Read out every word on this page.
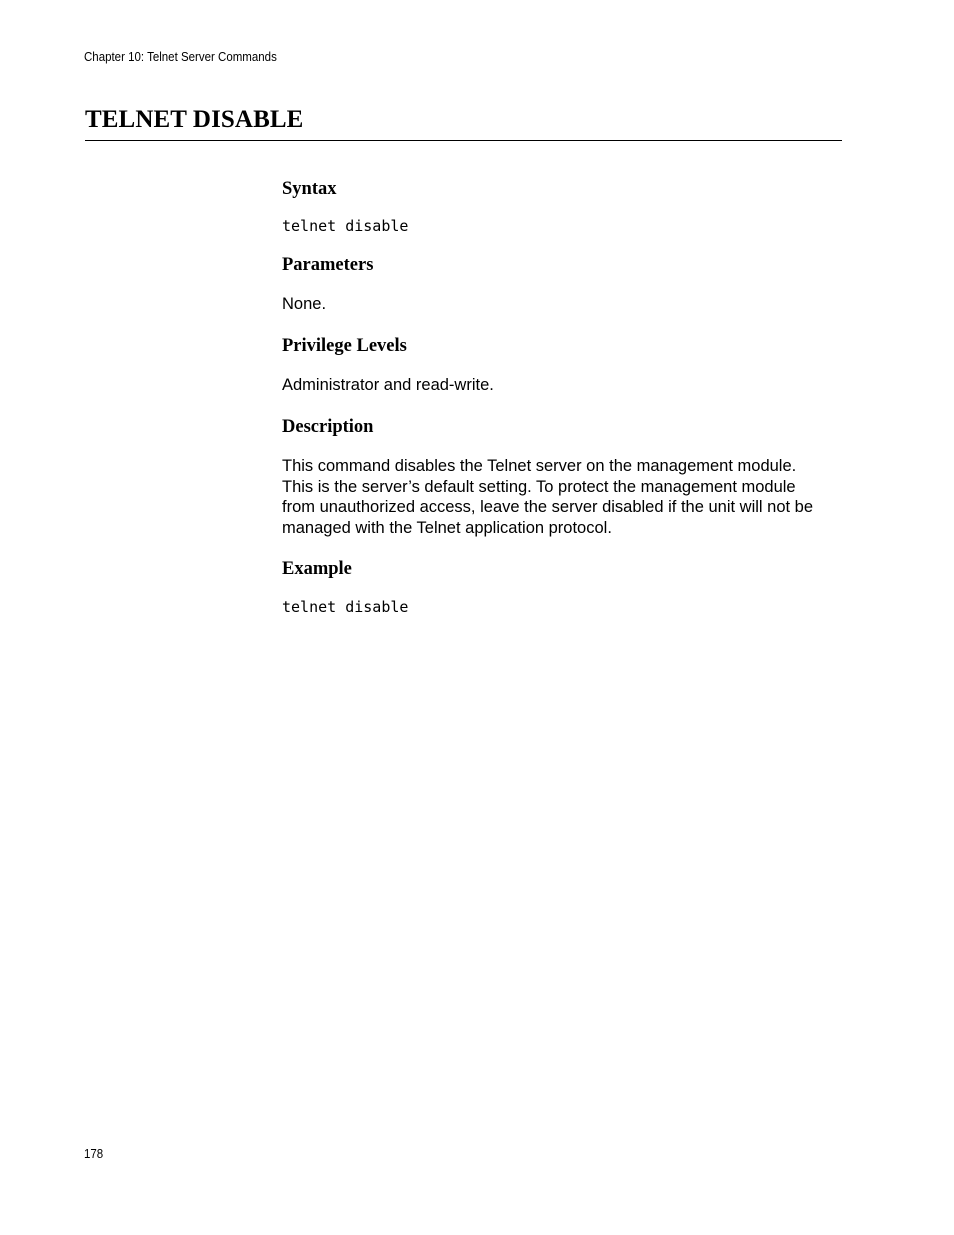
Chapter 10: Telnet Server Commands
TELNET DISABLE
Syntax
telnet disable
Parameters

None.

Privilege Levels

Administrator and read-write.

Description

This command disables the Telnet server on the management module.
This is the server’s default setting. To protect the management module
from unauthorized access, leave the server disabled if the unit will not be
managed with the Telnet application protocol.

Example
telnet disable
178
